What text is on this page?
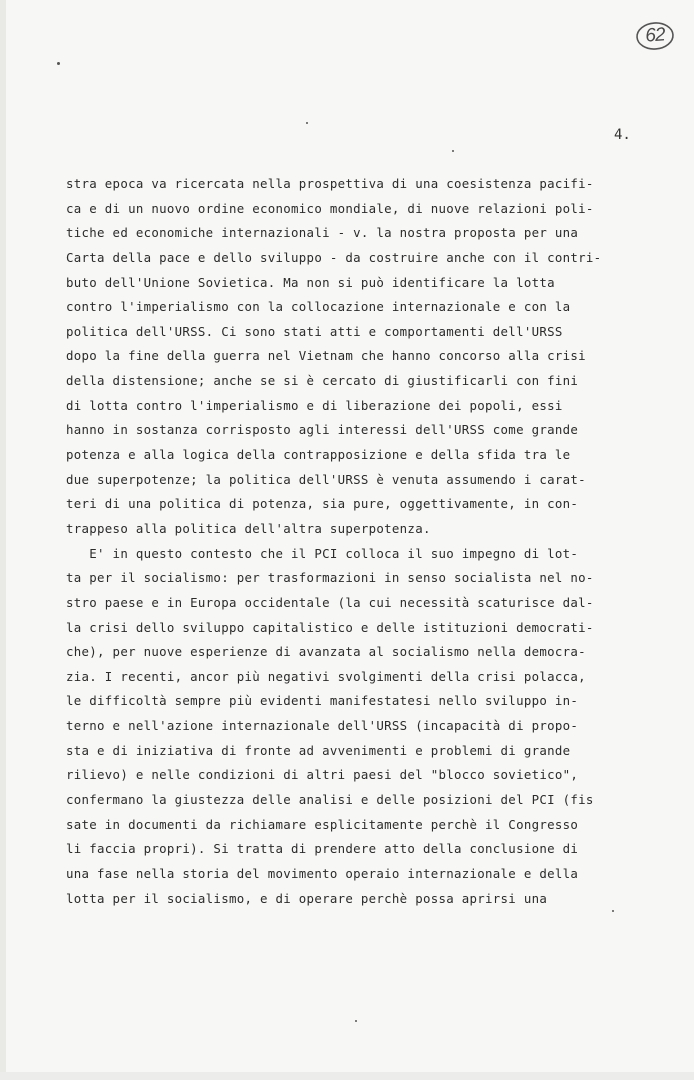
62
4.
stra epoca va ricercata nella prospettiva di una coesistenza pacifi-
ca e di un nuovo ordine economico mondiale, di nuove relazioni poli-
tiche ed economiche internazionali - v. la nostra proposta per una
Carta della pace e dello sviluppo - da costruire anche con il contri-
buto dell'Unione Sovietica. Ma non si può identificare la lotta
contro l'imperialismo con la collocazione internazionale e con la
politica dell'URSS. Ci sono stati atti e comportamenti dell'URSS
dopo la fine della guerra nel Vietnam che hanno concorso alla crisi
della distensione; anche se si è cercato di giustificarli con fini
di lotta contro l'imperialismo e di liberazione dei popoli, essi
hanno in sostanza corrisposto agli interessi dell'URSS come grande
potenza e alla logica della contrapposizione e della sfida tra le
due superpotenze; la politica dell'URSS è venuta assumendo i carat-
teri di una politica di potenza, sia pure, oggettivamente, in con-
trappeso alla politica dell'altra superpotenza.
E' in questo contesto che il PCI colloca il suo impegno di lot-
ta per il socialismo: per trasformazioni in senso socialista nel no-
stro paese e in Europa occidentale (la cui necessità scaturisce dal-
la crisi dello sviluppo capitalistico e delle istituzioni democrati-
che), per nuove esperienze di avanzata al socialismo nella democra-
zia. I recenti, ancor più negativi svolgimenti della crisi polacca,
le difficoltà sempre più evidenti manifestatesi nello sviluppo in-
terno e nell'azione internazionale dell'URSS (incapacità di propo-
sta e di iniziativa di fronte ad avvenimenti e problemi di grande
rilievo) e nelle condizioni di altri paesi del "blocco sovietico",
confermano la giustezza delle analisi e delle posizioni del PCI (fis
sate in documenti da richiamare esplicitamente perchè il Congresso
li faccia propri). Si tratta di prendere atto della conclusione di
una fase nella storia del movimento operaio internazionale e della
lotta per il socialismo, e di operare perchè possa aprirsi una
